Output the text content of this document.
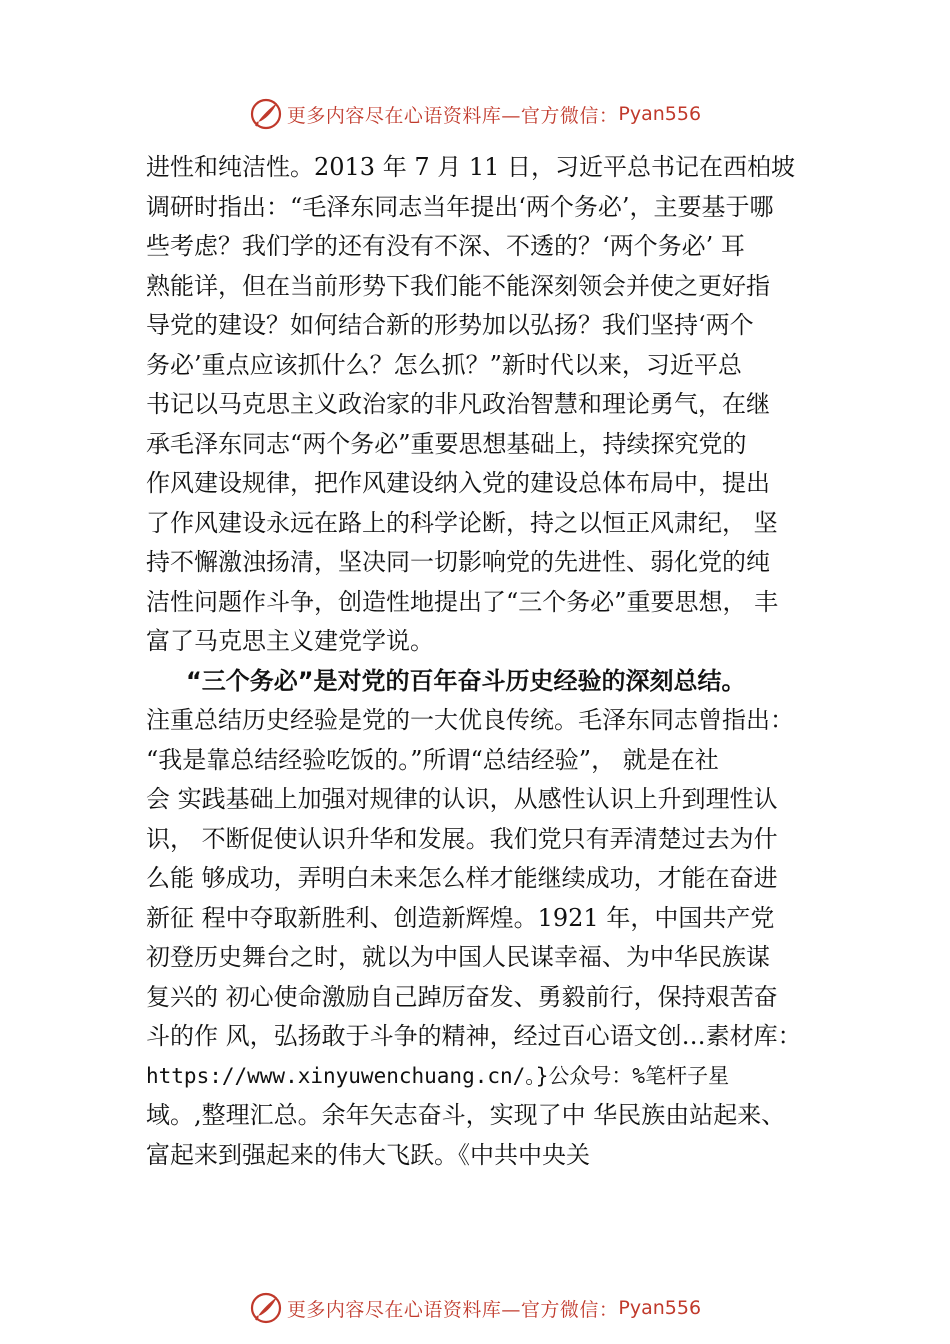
更多内容尽在心语资料库—官方微信： Pyan556
进性和纯洁性。2013 年 7 月 11 日，习近平总书记在西柏坡
调研时指出：“毛泽东同志当年提出‘两个务必’，主要基于哪
些考虑？我们学的还有没有不深、不透的？‘两个务必’ 耳
熟能详，但在当前形势下我们能不能深刻领会并使之更好指
导党的建设？如何结合新的形势加以弘扬？我们坚持‘两个
务必’重点应该抓什么？怎么抓？”新时代以来，习近平总
书记以马克思主义政治家的非凡政治智慧和理论勇气，在继
承毛泽东同志“两个务必”重要思想基础上，持续探究党的
作风建设规律，把作风建设纳入党的建设总体布局中，提出
了作风建设永远在路上的科学论断，持之以恒正风肃纪， 坚
持不懈激浊扬清，坚决同一切影响党的先进性、弱化党的纯
洁性问题作斗争，创造性地提出了“三个务必”重要思想， 丰
富了马克思主义建党学说。
“三个务必”是对党的百年奋斗历史经验的深刻总结。
注重总结历史经验是党的一大优良传统。毛泽东同志曾指出：
“我是靠总结经验吃饭的。”所谓“总结经验”， 就是在社
会 实践基础上加强对规律的认识，从感性认识上升到理性认
识， 不断促使认识升华和发展。我们党只有弄清楚过去为什
么能 够成功，弄明白未来怎么样才能继续成功，才能在奋进
新征 程中夺取新胜利、创造新辉煌。1921 年，中国共产党
初登历史舞台之时，就以为中国人民谋幸福、为中华民族谋
复兴的 初心使命激励自己踔厉奋发、勇毅前行，保持艰苦奋
斗的作 风，弘扬敢于斗争的精神，经过百心语文创…素材库：
https://www.xinyuwenchuang.cn/。}公众号：%笔杆子星
域。,整理汇总。余年矢志奋斗，实现了中 华民族由站起来、
富起来到强起来的伟大飞跃。《中共中央关
更多内容尽在心语资料库—官方微信： Pyan556
